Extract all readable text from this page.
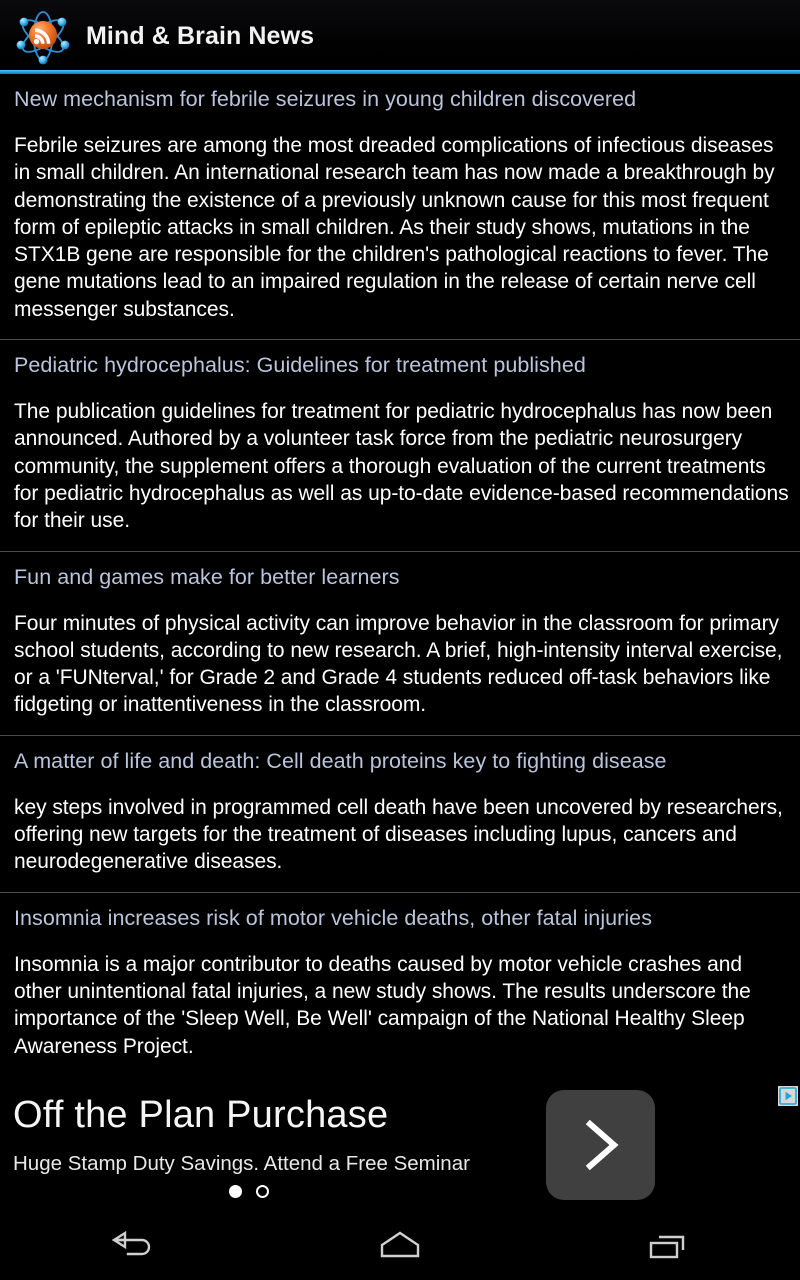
Mind & Brain News
New mechanism for febrile seizures in young children discovered
Febrile seizures are among the most dreaded complications of infectious diseases in small children. An international research team has now made a breakthrough by demonstrating the existence of a previously unknown cause for this most frequent form of epileptic attacks in small children. As their study shows, mutations in the STX1B gene are responsible for the children's pathological reactions to fever. The gene mutations lead to an impaired regulation in the release of certain nerve cell messenger substances.
Pediatric hydrocephalus: Guidelines for treatment published
The publication guidelines for treatment for pediatric hydrocephalus has now been announced. Authored by a volunteer task force from the pediatric neurosurgery community, the supplement offers a thorough evaluation of the current treatments for pediatric hydrocephalus as well as up-to-date evidence-based recommendations for their use.
Fun and games make for better learners
Four minutes of physical activity can improve behavior in the classroom for primary school students, according to new research. A brief, high-intensity interval exercise, or a 'FUNterval,' for Grade 2 and Grade 4 students reduced off-task behaviors like fidgeting or inattentiveness in the classroom.
A matter of life and death: Cell death proteins key to fighting disease
key steps involved in programmed cell death have been uncovered by researchers, offering new targets for the treatment of diseases including lupus, cancers and neurodegenerative diseases.
Insomnia increases risk of motor vehicle deaths, other fatal injuries
Insomnia is a major contributor to deaths caused by motor vehicle crashes and other unintentional fatal injuries, a new study shows. The results underscore the importance of the 'Sleep Well, Be Well' campaign of the National Healthy Sleep Awareness Project.
Off the Plan Purchase
Huge Stamp Duty Savings. Attend a Free Seminar
